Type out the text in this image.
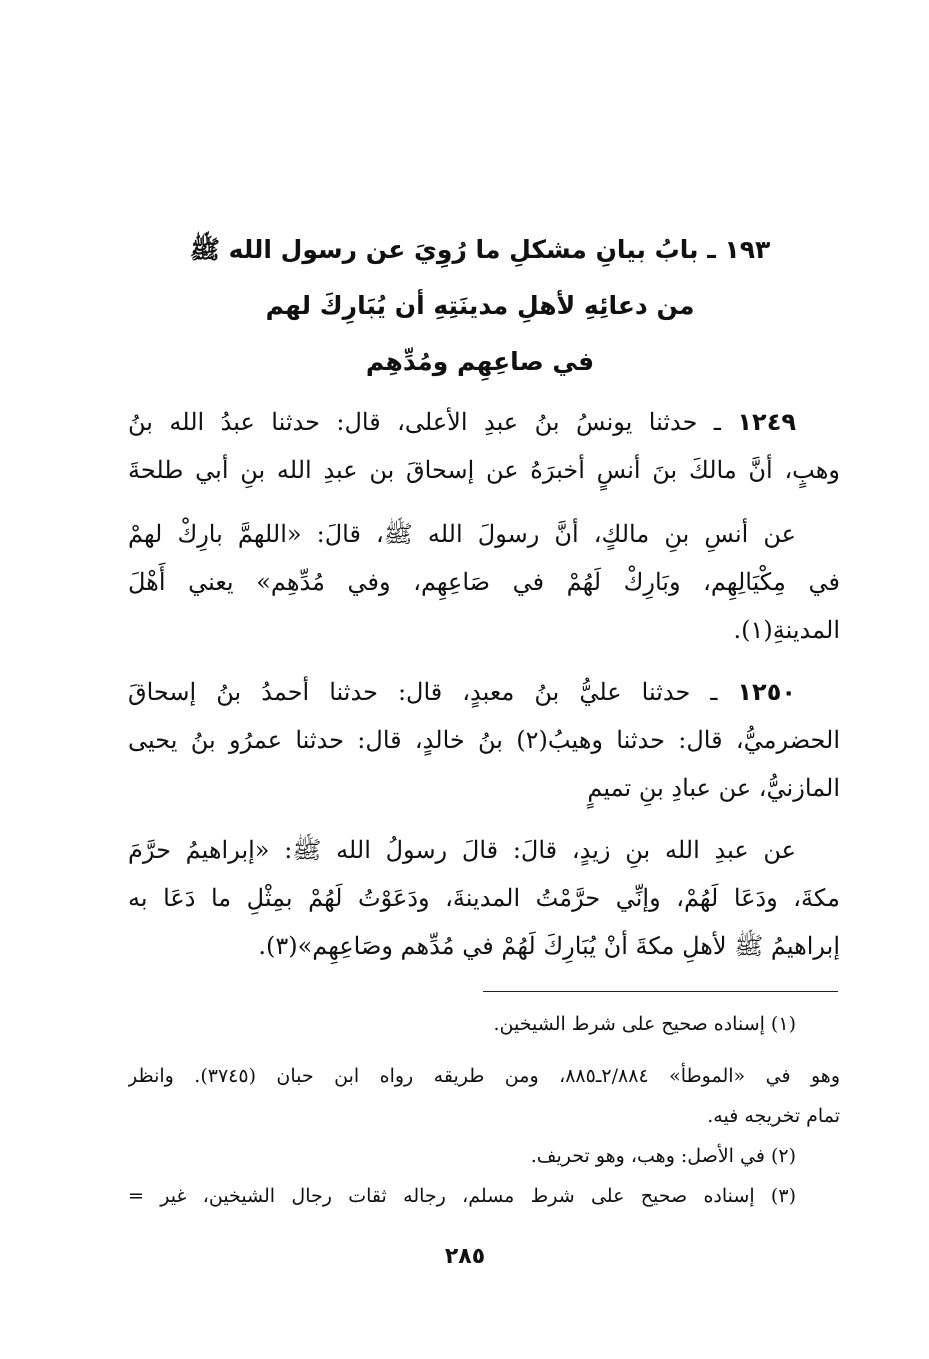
١٩٣ ـ بابُ بيانِ مشكلِ ما رُوِيَ عن رسول الله ﷺ
من دعائِهِ لأهلِ مدينَتِهِ أن يُبَارِكَ لهم
في صاعِهِم ومُدِّهِم
١٢٤٩ ـ حدثنا يونسُ بنُ عبدِ الأعلى، قال: حدثنا عبدُ الله بنُ
وهبٍ، أنَّ مالكَ بنَ أنسٍ أخبرَهُ عن إسحاقَ بن عبدِ الله بنِ أبي طلحةَ
عن أنسِ بنِ مالكٍ، أنَّ رسولَ الله ﷺ، قالَ: «اللهمَّ بارِكْ لهمْ
في مِكْيَالِهِم، وبَارِكْ لَهُمْ في صَاعِهِم، وفي مُدِّهِم» يعني أَهْلَ
المدينةِ(١).
١٢٥٠ ـ حدثنا عليُّ بنُ معبدٍ، قال: حدثنا أحمدُ بنُ إسحاقَ
الحضرميُّ، قال: حدثنا وهيبُ(٢) بنُ خالدٍ، قال: حدثنا عمرُو بنُ يحيى
المازنيُّ، عن عبادِ بنِ تميمٍ
عن عبدِ الله بنِ زيدٍ، قالَ: قالَ رسولُ الله ﷺ: «إبراهيمُ حرَّمَ
مكةَ، ودَعَا لَهُمْ، وإنِّي حرَّمْتُ المدينةَ، ودَعَوْتُ لَهُمْ بمِثْلِ ما دَعَا به
إبراهيمُ ﷺ لأهلِ مكةَ أنْ يُبَارِكَ لَهُمْ في مُدِّهم وصَاعِهِم»(٣).
(١) إسناده صحيح على شرط الشيخين.
وهو في «الموطأ» ٢/٨٨٤ـ٨٨٥، ومن طريقه رواه ابن حبان (٣٧٤٥). وانظر
تمام تخريجه فيه.
(٢) في الأصل: وهب، وهو تحريف.
(٣) إسناده صحيح على شرط مسلم، رجاله ثقات رجال الشيخين، غير =
٢٨٥
